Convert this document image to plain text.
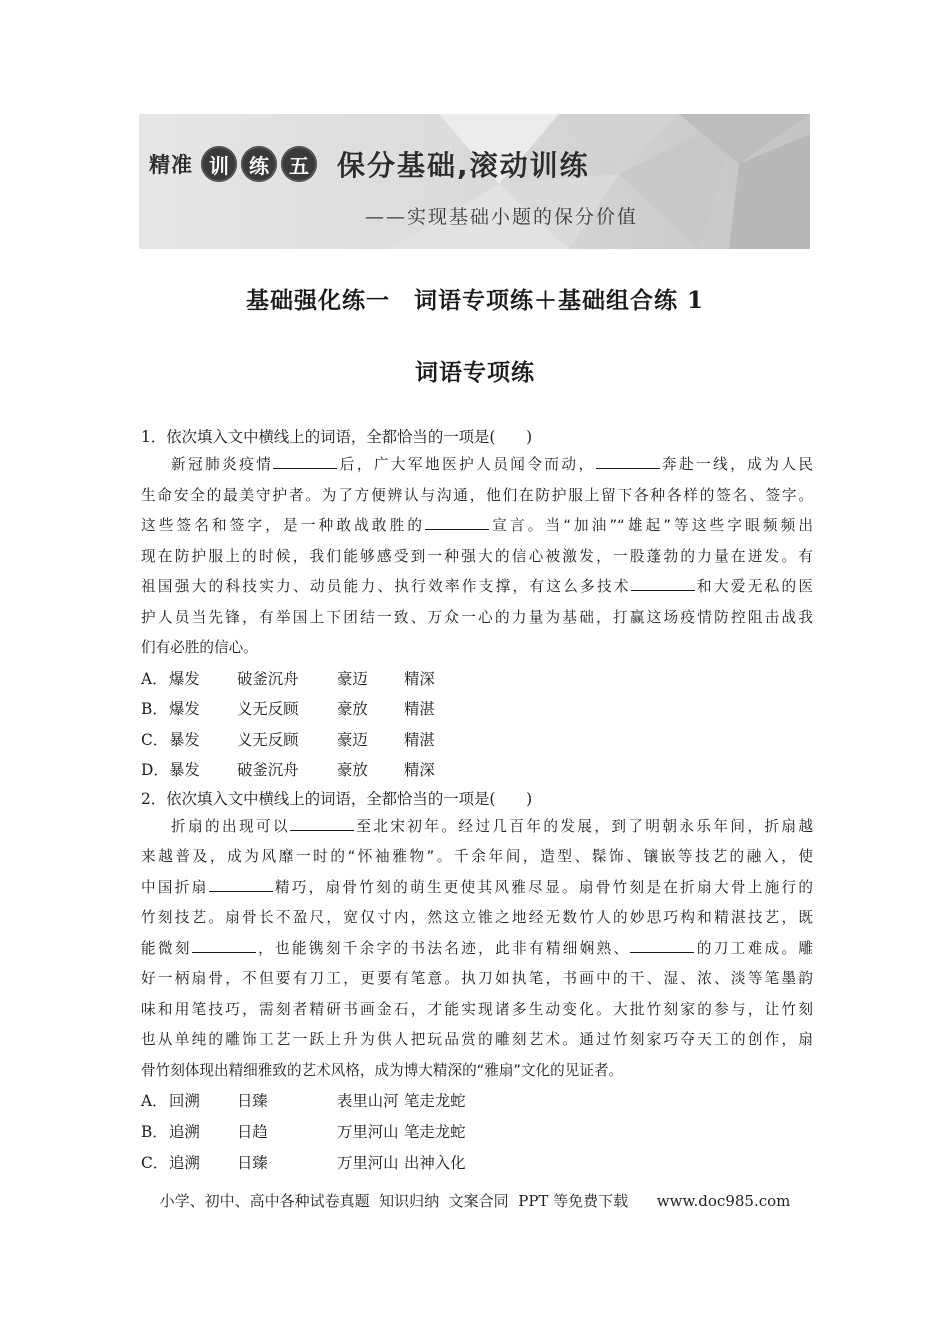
精准 训	练	五 保分基础,滚动训练
——实现基础小题的保分价值
基础强化练一　词语专项练＋基础组合练 1
词语专项练

1．依次填入文中横线上的词语，全都恰当的一项是(　　)

新冠肺炎疫情	后，广大军地医护人员闻令而动，	奔赴一线，成为人民

生命安全的最美守护者。为了方便辨认与沟通，他们在防护服上留下各种各样的签名、签字。

这些签名和签字，是一种敢战敢胜的	宣言。当“加油”“雄起”等这些字眼频频出

现在防护服上的时候，我们能够感受到一种强大的信心被激发，一股蓬勃的力量在迸发。有

祖国强大的科技实力、动员能力、执行效率作支撑，有这么多技术	和大爱无私的医

护人员当先锋，有举国上下团结一致、万众一心的力量为基础，打赢这场疫情防控阻击战我

们有必胜的信心。

A． 爆发	破釜沉舟	豪迈	精深
B． 爆发	义无反顾	豪放	精湛
C． 暴发	义无反顾	豪迈	精湛
D． 暴发	破釜沉舟	豪放	精深

2．依次填入文中横线上的词语，全都恰当的一项是(　　)

折扇的出现可以	至北宋初年。经过几百年的发展，到了明朝永乐年间，折扇越

来越普及，成为风靡一时的“怀袖雅物”。千余年间，造型、髹饰、镶嵌等技艺的融入，使

中国折扇	精巧，扇骨竹刻的萌生更使其风雅尽显。扇骨竹刻是在折扇大骨上施行的

竹刻技艺。扇骨长不盈尺，宽仅寸内，然这立锥之地经无数竹人的妙思巧构和精湛技艺，既

能微刻	，也能镌刻千余字的书法名迹，此非有精细娴熟、	的刀工难成。雕

好一柄扇骨，不但要有刀工，更要有笔意。执刀如执笔，书画中的干、湿、浓、淡等笔墨韵

味和用笔技巧，需刻者精研书画金石，才能实现诸多生动变化。大批竹刻家的参与，让竹刻

也从单纯的雕饰工艺一跃上升为供人把玩品赏的雕刻艺术。通过竹刻家巧夺天工的创作，扇

骨竹刻体现出精细雅致的艺术风格，成为博大精深的“雅扇”文化的见证者。

A． 回溯	日臻	表里山河 笔走龙蛇
B． 追溯	日趋	万里河山 笔走龙蛇
C． 追溯	日臻	万里河山 出神入化
小学、初中、高中各种试卷真题  知识归纳  文案合同  PPT 等免费下载      www.doc985.com
